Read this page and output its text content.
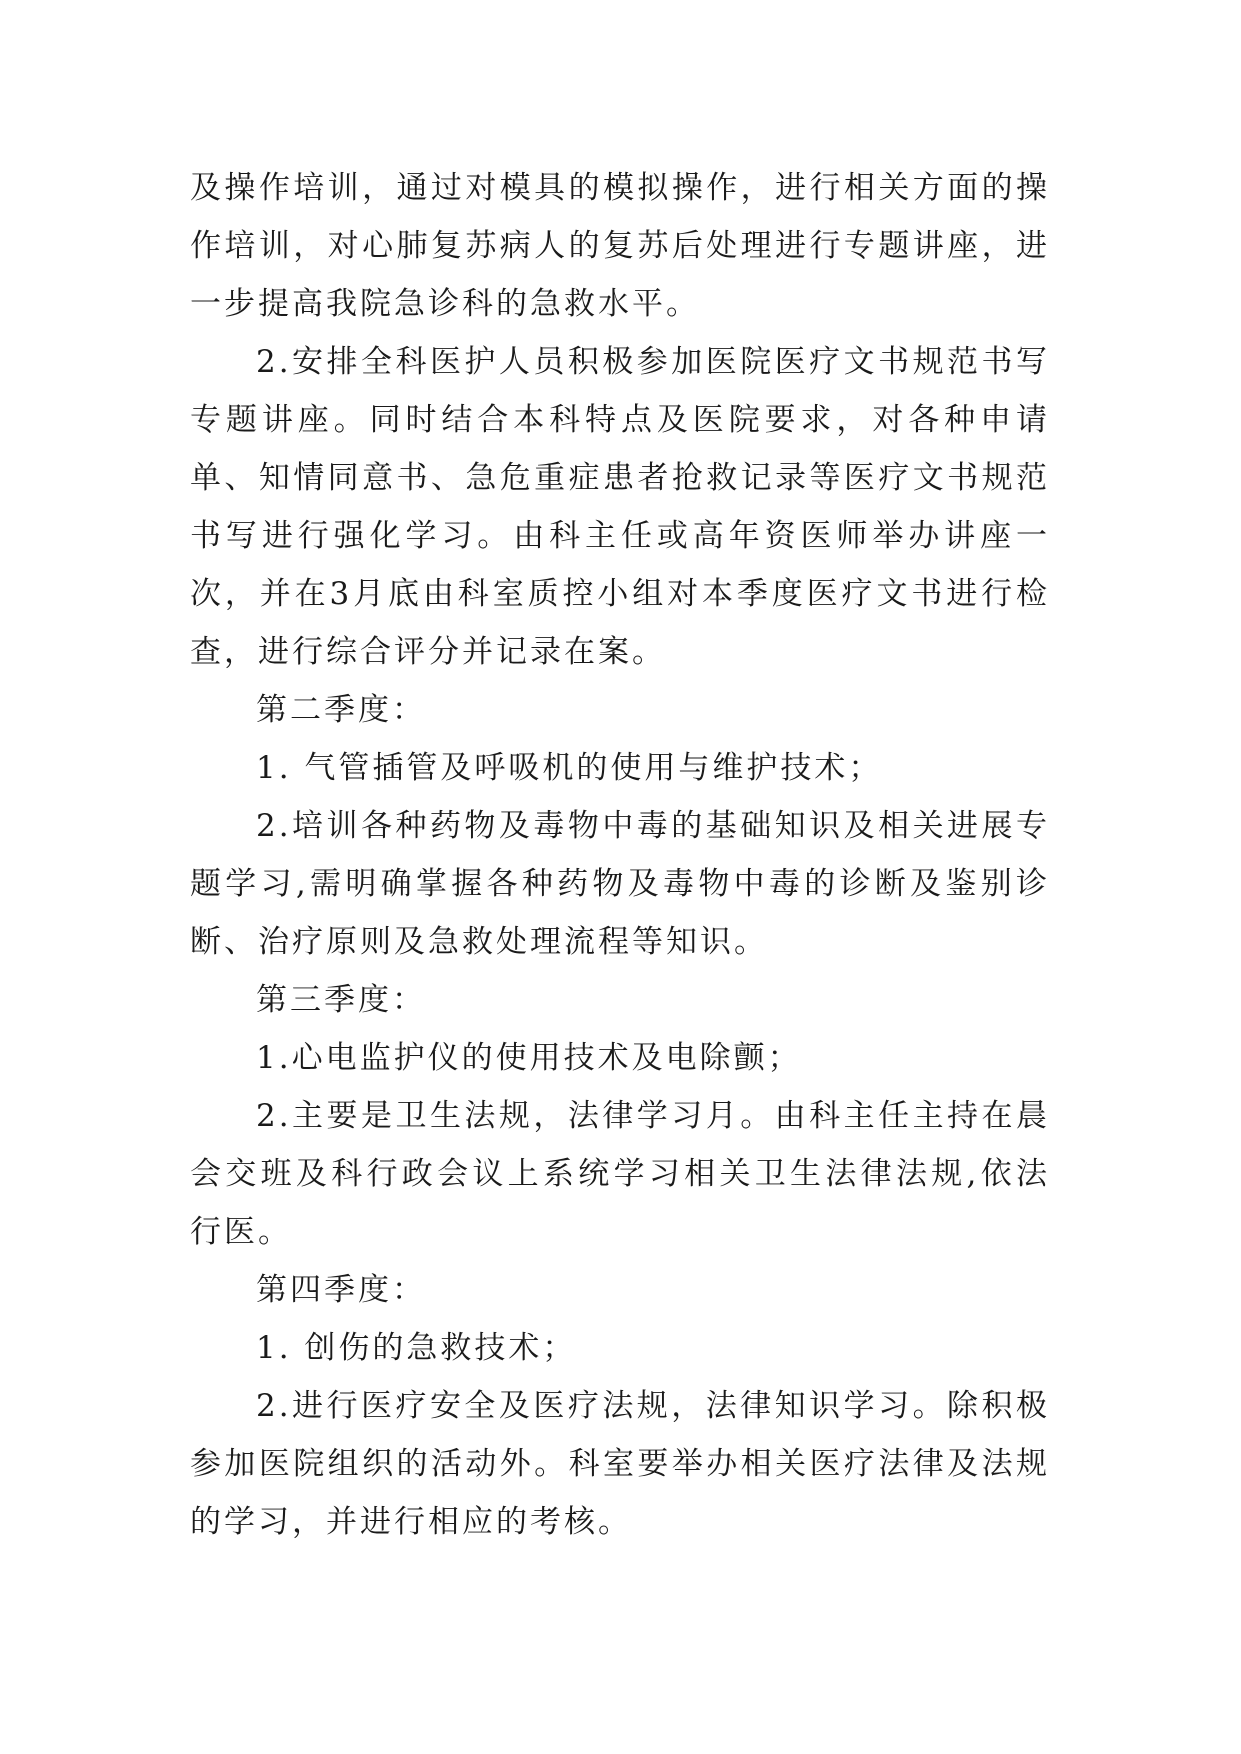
及操作培训，通过对模具的模拟操作，进行相关方面的操作培训，对心肺复苏病人的复苏后处理进行专题讲座，进一步提高我院急诊科的急救水平。

2.安排全科医护人员积极参加医院医疗文书规范书写专题讲座。同时结合本科特点及医院要求，对各种申请单、知情同意书、急危重症患者抢救记录等医疗文书规范书写进行强化学习。由科主任或高年资医师举办讲座一次，并在3月底由科室质控小组对本季度医疗文书进行检查，进行综合评分并记录在案。

第二季度：

1. 气管插管及呼吸机的使用与维护技术；

2.培训各种药物及毒物中毒的基础知识及相关进展专题学习,需明确掌握各种药物及毒物中毒的诊断及鉴别诊断、治疗原则及急救处理流程等知识。

第三季度：

1.心电监护仪的使用技术及电除颤；

2.主要是卫生法规，法律学习月。由科主任主持在晨会交班及科行政会议上系统学习相关卫生法律法规,依法行医。

第四季度：

1. 创伤的急救技术；

2.进行医疗安全及医疗法规，法律知识学习。除积极参加医院组织的活动外。科室要举办相关医疗法律及法规的学习，并进行相应的考核。
